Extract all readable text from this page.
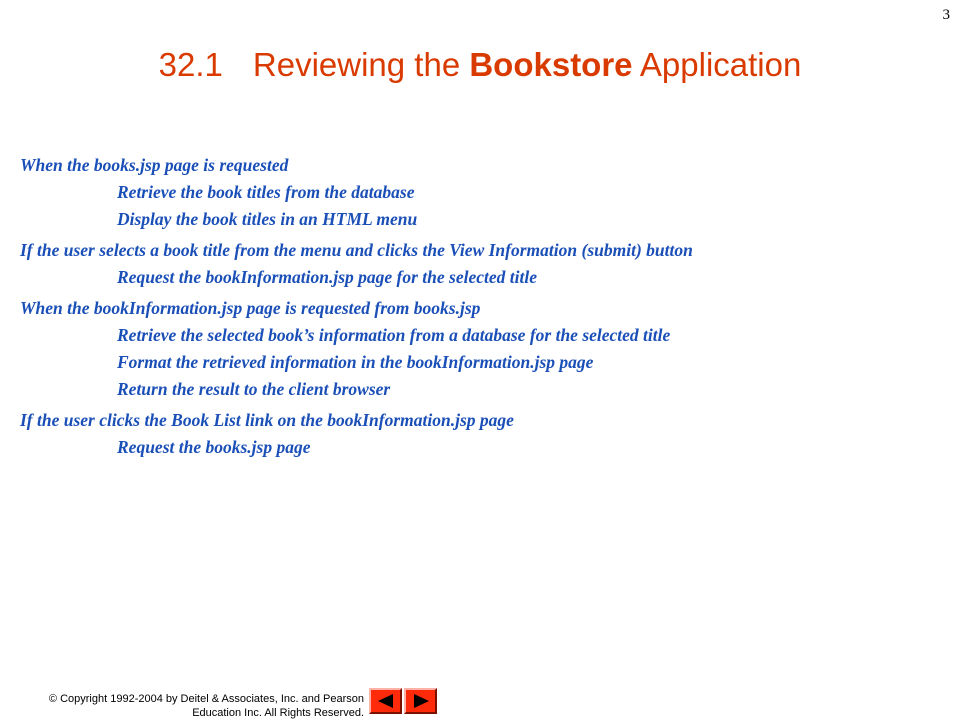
3
32.1 Reviewing the Bookstore Application
When the books.jsp page is requested
Retrieve the book titles from the database
Display the book titles in an HTML menu
If the user selects a book title from the menu and clicks the View Information (submit) button
Request the bookInformation.jsp page for the selected title
When the bookInformation.jsp page is requested from books.jsp
Retrieve the selected book’s information from a database for the selected title
Format the retrieved information in the bookInformation.jsp page
Return the result to the client browser
If the user clicks the Book List link on the bookInformation.jsp page
Request the books.jsp page
© Copyright 1992-2004 by Deitel & Associates, Inc. and Pearson
Education Inc. All Rights Reserved.
